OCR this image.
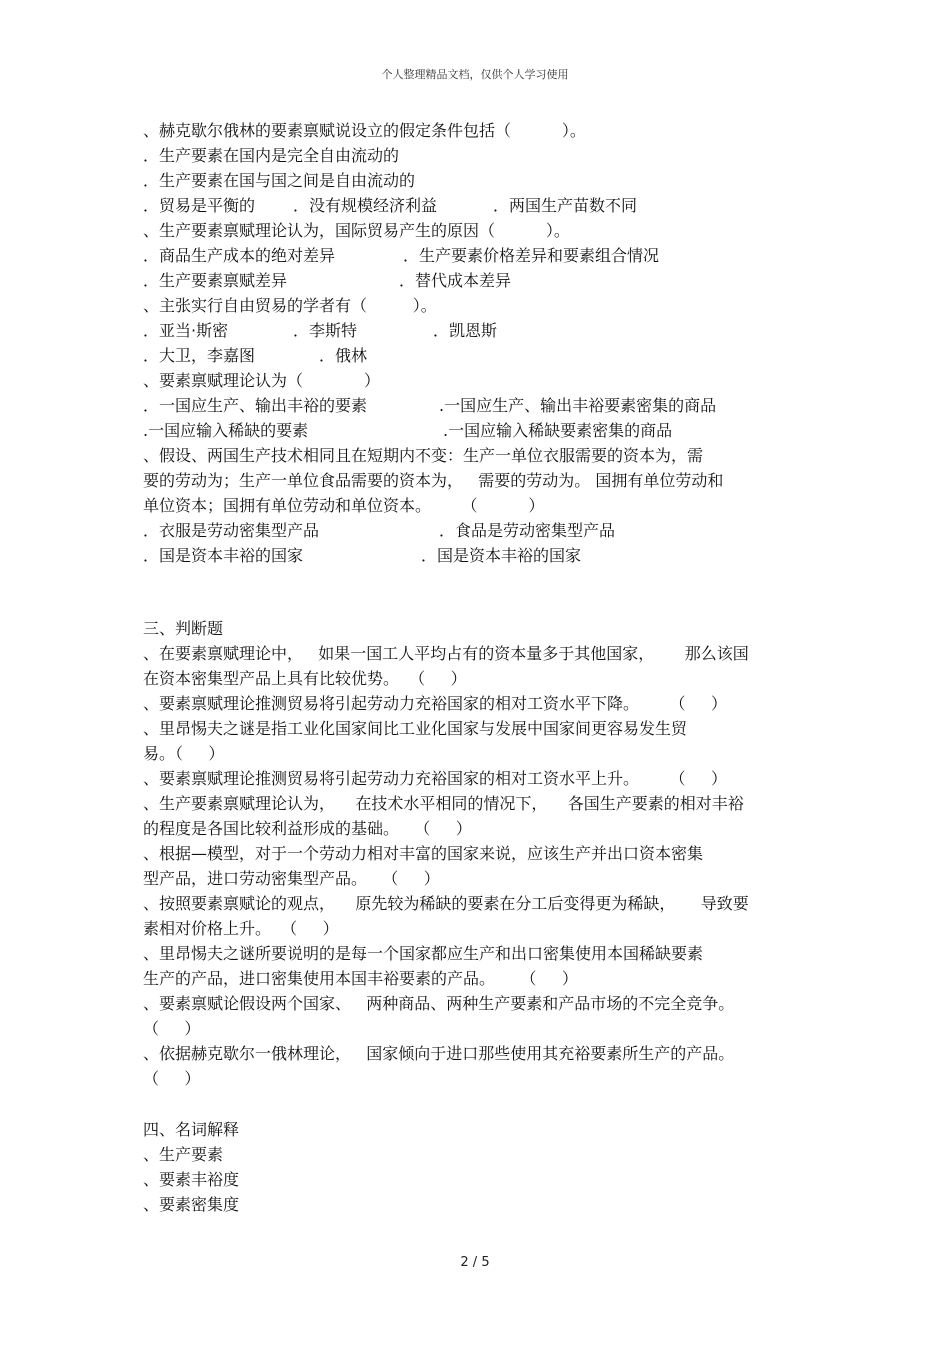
个人整理精品文档，仅供个人学习使用
、赫克歇尔俄林的要素禀赋说设立的假定条件包括（          ）。
．生产要素在国内是完全自由流动的
．生产要素在国与国之间是自由流动的

．贸易是平衡的

．没有规模经济利益

	．两国生产苗数不同

、生产要素禀赋理论认为，国际贸易产生的原因（          ）。

．商品生产成本的绝对差异

	．生产要素价格差异和要素组合情况

．生产要素禀赋差异

	．替代成本差异

、主张实行自由贸易的学者有（         ）。

．亚当·斯密

	．李斯特

	．凯恩斯

．大卫，李嘉图

	．俄林

、要素禀赋理论认为（            ）

．一国应生产、输出丰裕的要素

	.一国应生产、输出丰裕要素密集的商品

.一国应输入稀缺的要素

	.一国应输入稀缺要素密集的商品

、假设、两国生产技术相同且在短期内不变：生产一单位衣服需要的资本为，需
要的劳动为；生产一单位食品需要的资本为，   需要的劳动为。 国拥有单位劳动和
单位资本；国拥有单位劳动和单位资本。      （          ）

．衣服是劳动密集型产品

	．食品是劳动密集型产品

．国是资本丰裕的国家

	．国是资本丰裕的国家

三、判断题
、在要素禀赋理论中，   如果一国工人平均占有的资本量多于其他国家，      那么该国
在资本密集型产品上具有比较优势。  （     ）
、要素禀赋理论推测贸易将引起劳动力充裕国家的相对工资水平下降。      （     ）
、里昂惕夫之谜是指工业化国家间比工业化国家与发展中国家间更容易发生贸
易。（     ）
、要素禀赋理论推测贸易将引起劳动力充裕国家的相对工资水平上升。      （     ）
、生产要素禀赋理论认为，    在技术水平相同的情况下，    各国生产要素的相对丰裕
的程度是各国比较利益形成的基础。   （     ）
、根据—模型，对于一个劳动力相对丰富的国家来说，应该生产并出口资本密集
型产品，进口劳动密集型产品。   （     ）
、按照要素禀赋论的观点，    原先较为稀缺的要素在分工后变得更为稀缺，     导致要
素相对价格上升。  （     ）
、里昂惕夫之谜所要说明的是每一个国家都应生产和出口密集使用本国稀缺要素
生产的产品，进口密集使用本国丰裕要素的产品。     （     ）
、要素禀赋论假设两个国家、   两种商品、两种生产要素和产品市场的不完全竞争。
（     ）
、依据赫克歇尔一俄林理论，   国家倾向于进口那些使用其充裕要素所生产的产品。
（     ）
四、名词解释
、生产要素
、要素丰裕度
、要素密集度
2 / 5
